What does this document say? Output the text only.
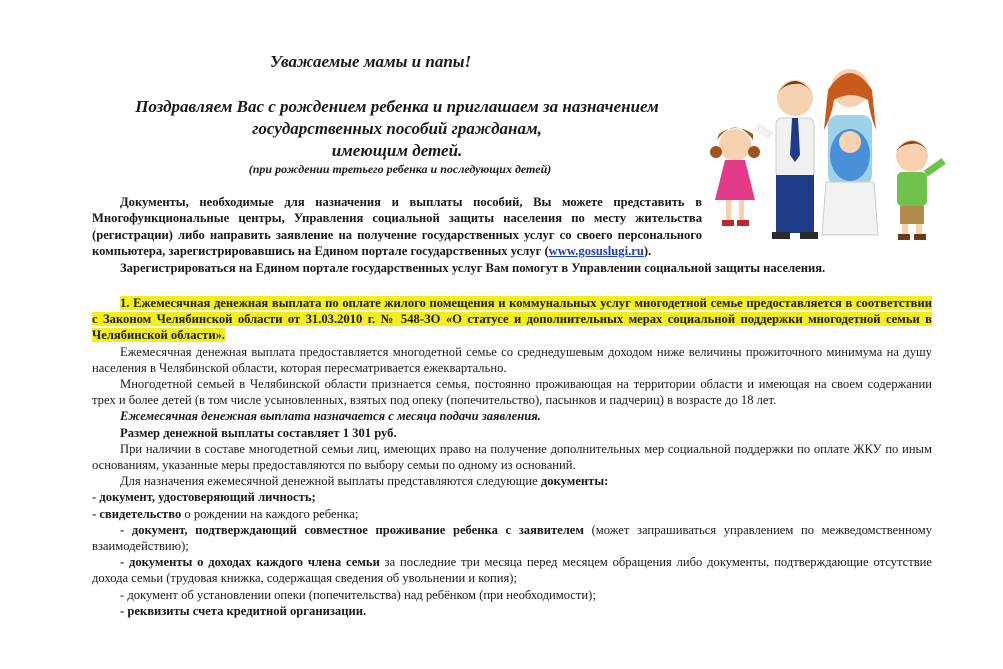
Уважаемые мамы и папы!
Поздравляем Вас с рождением ребенка и приглашаем за назначением
государственных пособий гражданам,
имеющим детей.
(при рождении третьего ребенка и последующих детей)

Документы, необходимые для назначения и выплаты пособий, Вы можете представить в Многофункциональные центры, Управления социальной защиты населения по месту жительства (регистрации) либо направить заявление на получение государственных услуг со своего персонального компьютера, зарегистрировавшись на Едином портале государственных услуг (www.gosuslugi.ru).

Зарегистрироваться на Едином портале государственных услуг Вам помогут в Управлении социальной защиты населения.

1. Ежемесячная денежная выплата по оплате жилого помещения и коммунальных услуг многодетной семье предоставляется в соответствии с Законом Челябинской области от 31.03.2010 г. № 548-ЗО «О статусе и дополнительных мерах социальной поддержки многодетной семьи в Челябинской области».

Ежемесячная денежная выплата предоставляется многодетной семье со среднедушевым доходом ниже величины прожиточного минимума на душу населения в Челябинской области, которая пересматривается ежеквартально.

Многодетной семьей в Челябинской области признается семья, постоянно проживающая на территории области и имеющая на своем содержании трех и более детей (в том числе усыновленных, взятых под опеку (попечительство), пасынков и падчериц) в возрасте до 18 лет.

Ежемесячная денежная выплата назначается с месяца подачи заявления.

Размер денежной выплаты составляет 1 301 руб.

При наличии в составе многодетной семьи лиц, имеющих право на получение дополнительных мер социальной поддержки по оплате ЖКУ по иным основаниям, указанные меры предоставляются по выбору семьи по одному из оснований.

Для назначения ежемесячной денежной выплаты представляются следующие документы:

- документ, удостоверяющий личность;

- свидетельство о рождении на каждого ребенка;

- документ, подтверждающий совместное проживание ребенка с заявителем (может запрашиваться управлением по межведомственному взаимодействию);

- документы о доходах каждого члена семьи за последние три месяца перед месяцем обращения либо документы, подтверждающие отсутствие дохода семьи (трудовая книжка, содержащая сведения об увольнении и копия);

- документ об установлении опеки (попечительства) над ребёнком (при необходимости);

- реквизиты счета кредитной организации.
